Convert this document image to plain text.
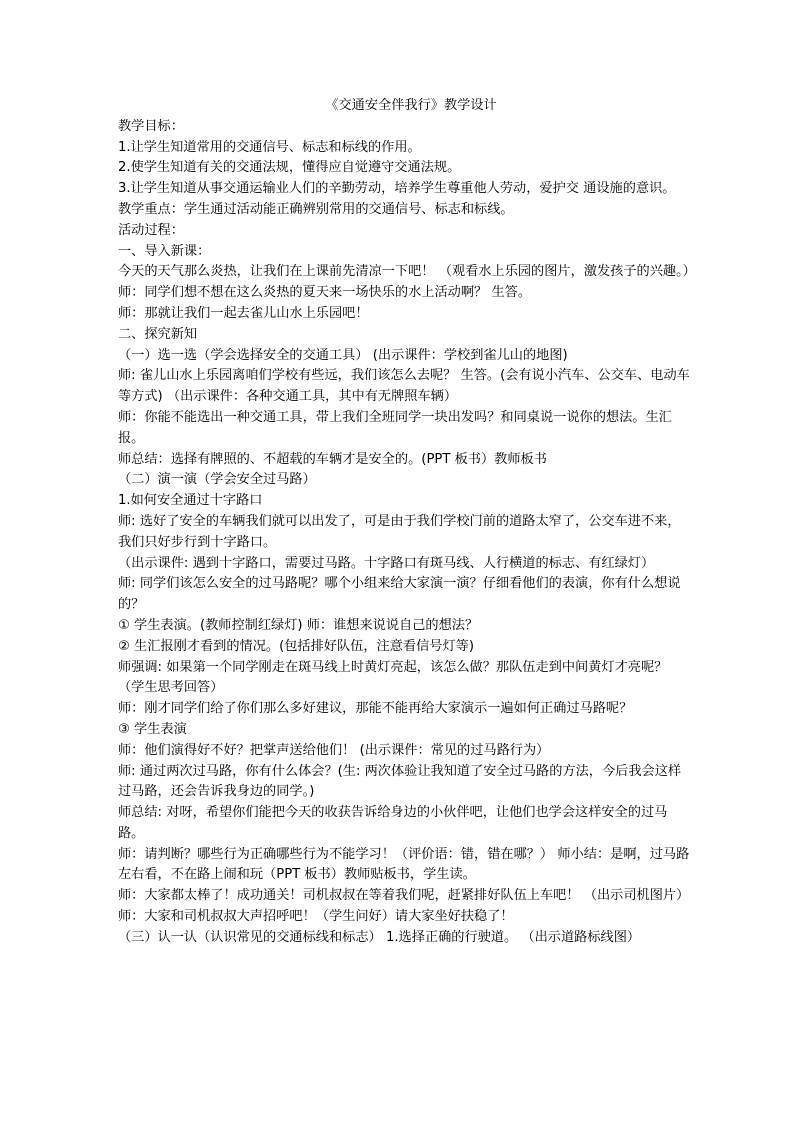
《交通安全伴我行》教学设计

教学目标：

1.让学生知道常用的交通信号、标志和标线的作用。

2.使学生知道有关的交通法规，懂得应自觉遵守交通法规。

3.让学生知道从事交通运输业人们的辛勤劳动，培养学生尊重他人劳动，爱护交 通设施的意识。

教学重点：学生通过活动能正确辨别常用的交通信号、标志和标线。

活动过程：

一、导入新课：

今天的天气那么炎热，让我们在上课前先清凉一下吧！ （观看水上乐园的图片，激发孩子的兴趣。）

师：同学们想不想在这么炎热的夏天来一场快乐的水上活动啊？ 生答。

师：那就让我们一起去雀儿山水上乐园吧！

二、探究新知

（一）选一选（学会选择安全的交通工具） (出示课件：学校到雀儿山的地图)

师: 雀儿山水上乐园离咱们学校有些远，我们该怎么去呢？ 生答。(会有说小汽车、公交车、电动车等方式) （出示课件：各种交通工具，其中有无牌照车辆）

师：你能不能选出一种交通工具，带上我们全班同学一块出发吗？和同桌说一说你的想法。生汇报。

师总结：选择有牌照的、不超载的车辆才是安全的。(PPT 板书）教师板书

（二）演一演（学会安全过马路）

1.如何安全通过十字路口

师: 选好了安全的车辆我们就可以出发了，可是由于我们学校门前的道路太窄了，公交车进不来，我们只好步行到十字路口。

（出示课件: 遇到十字路口，需要过马路。十字路口有斑马线、人行横道的标志、有红绿灯）

师: 同学们该怎么安全的过马路呢？哪个小组来给大家演一演？仔细看他们的表演，你有什么想说的？

① 学生表演。(教师控制红绿灯) 师：谁想来说说自己的想法？

② 生汇报刚才看到的情况。(包括排好队伍，注意看信号灯等)

师强调: 如果第一个同学刚走在斑马线上时黄灯亮起，该怎么做？那队伍走到中间黄灯才亮呢？（学生思考回答）

师：刚才同学们给了你们那么多好建议，那能不能再给大家演示一遍如何正确过马路呢？

③ 学生表演

师：他们演得好不好？把掌声送给他们！ (出示课件：常见的过马路行为）

师: 通过两次过马路，你有什么体会？(生: 两次体验让我知道了安全过马路的方法，今后我会这样过马路，还会告诉我身边的同学。)

师总结: 对呀，希望你们能把今天的收获告诉给身边的小伙伴吧，让他们也学会这样安全的过马路。

师：请判断？哪些行为正确哪些行为不能学习！（评价语：错，错在哪？） 师小结：是啊，过马路左右看，不在路上闹和玩（PPT 板书）教师贴板书，学生读。

师：大家都太棒了！成功通关！司机叔叔在等着我们呢，赶紧排好队伍上车吧！ （出示司机图片）

师：大家和司机叔叔大声招呼吧！（学生问好）请大家坐好扶稳了！

（三）认一认（认识常见的交通标线和标志） 1.选择正确的行驶道。 （出示道路标线图）
